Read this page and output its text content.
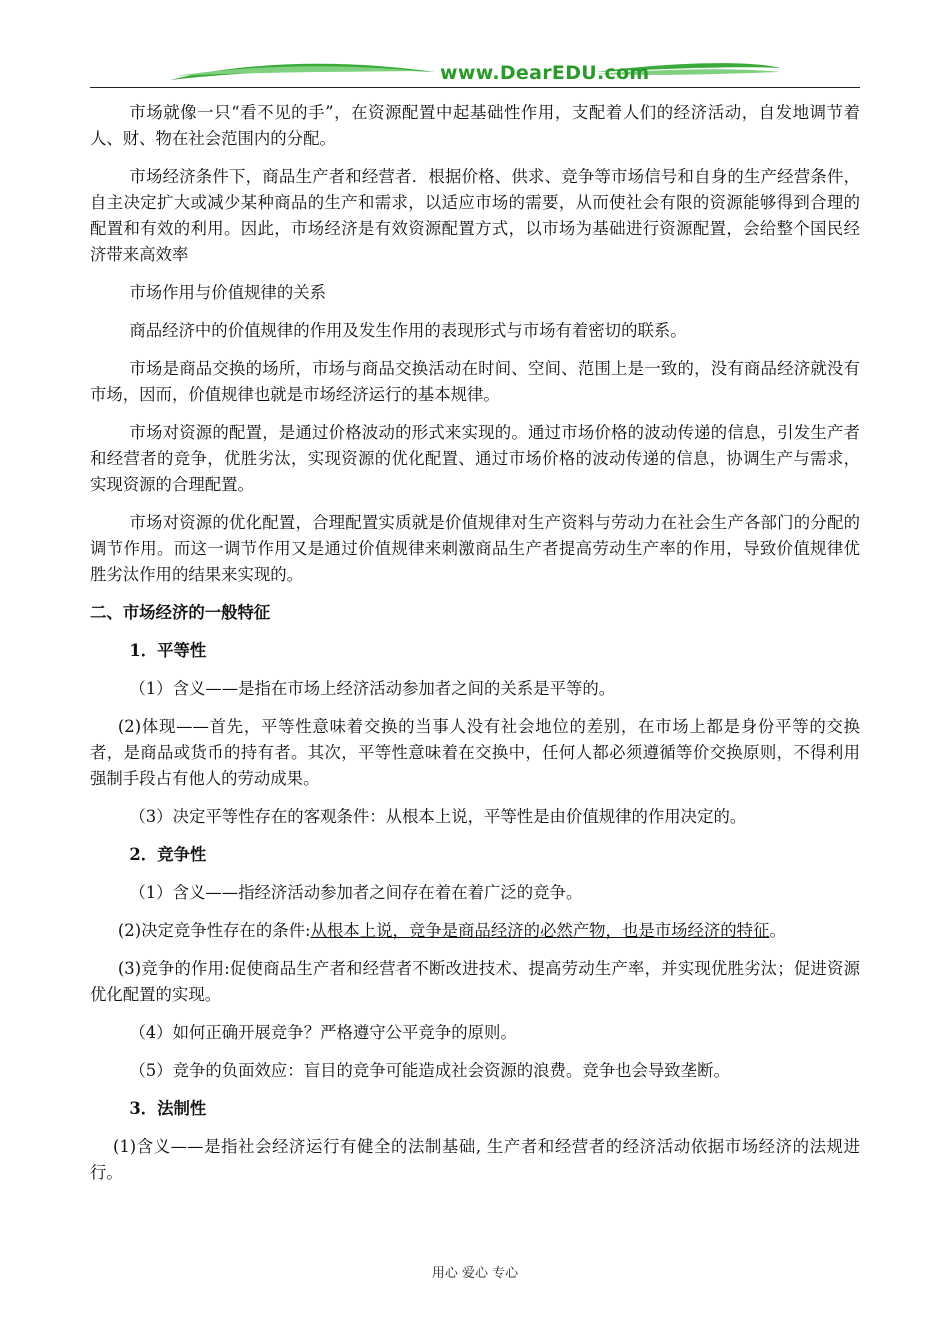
www.DearEDU.com

市场就像一只“看不见的手”，在资源配置中起基础性作用，支配着人们的经济活动，自发地调节着人、财、物在社会范围内的分配。

市场经济条件下，商品生产者和经营者．根据价格、供求、竞争等市场信号和自身的生产经营条件，自主决定扩大或减少某种商品的生产和需求，以适应市场的需要，从而使社会有限的资源能够得到合理的配置和有效的利用。因此，市场经济是有效资源配置方式，以市场为基础进行资源配置，会给整个国民经济带来高效率

市场作用与价值规律的关系

商品经济中的价值规律的作用及发生作用的表现形式与市场有着密切的联系。

市场是商品交换的场所，市场与商品交换活动在时间、空间、范围上是一致的，没有商品经济就没有市场，因而，价值规律也就是市场经济运行的基本规律。

市场对资源的配置，是通过价格波动的形式来实现的。通过市场价格的波动传递的信息，引发生产者和经营者的竞争，优胜劣汰，实现资源的优化配置、通过市场价格的波动传递的信息，协调生产与需求，实现资源的合理配置。

市场对资源的优化配置，合理配置实质就是价值规律对生产资料与劳动力在社会生产各部门的分配的调节作用。而这一调节作用又是通过价值规律来刺激商品生产者提高劳动生产率的作用，导致价值规律优胜劣汰作用的结果来实现的。

二、市场经济的一般特征

1．平等性

（1）含义——是指在市场上经济活动参加者之间的关系是平等的。

(2)体现——首先，平等性意味着交换的当事人没有社会地位的差别，在市场上都是身份平等的交换者，是商品或货币的持有者。其次，平等性意味着在交换中，任何人都必须遵循等价交换原则，不得利用强制手段占有他人的劳动成果。

（3）决定平等性存在的客观条件：从根本上说，平等性是由价值规律的作用决定的。

2．竞争性

（1）含义——指经济活动参加者之间存在着在着广泛的竞争。

(2)决定竞争性存在的条件:从根本上说，竞争是商品经济的必然产物，也是市场经济的特征。

(3)竞争的作用:促使商品生产者和经营者不断改进技术、提高劳动生产率，并实现优胜劣汰；促进资源优化配置的实现。

（4）如何正确开展竞争？严格遵守公平竞争的原则。

（5）竞争的负面效应：盲目的竞争可能造成社会资源的浪费。竞争也会导致垄断。

3．法制性

(1)含义——是指社会经济运行有健全的法制基础, 生产者和经营者的经济活动依据市场经济的法规进行。

用心 爱心 专心
